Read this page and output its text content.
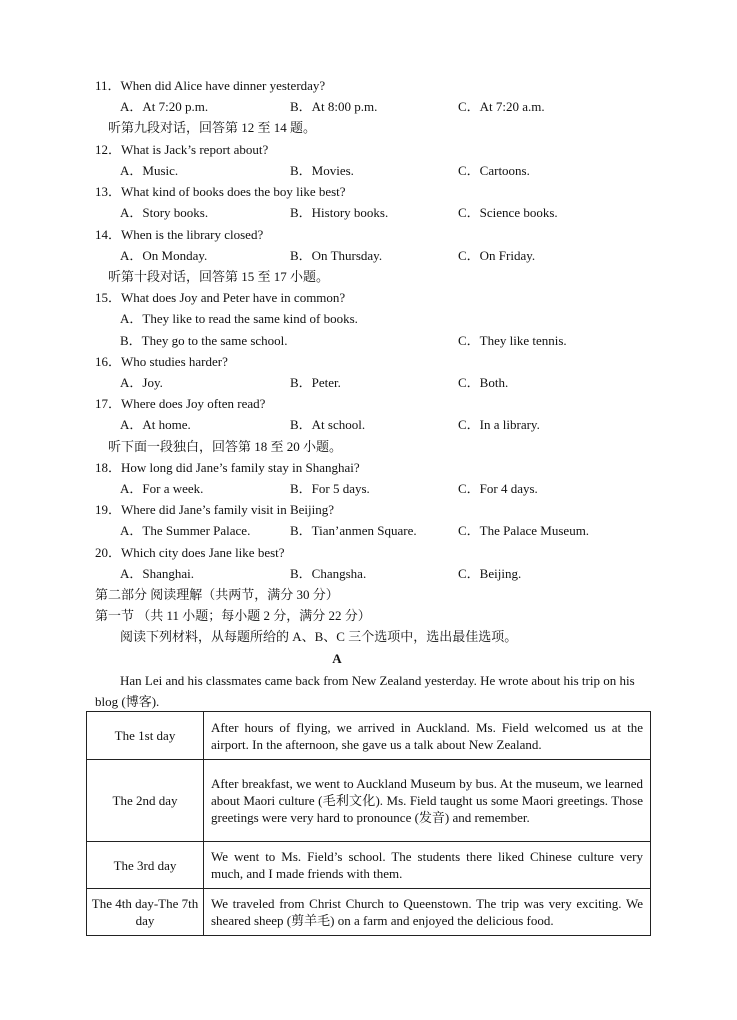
11．When did Alice have dinner yesterday?
A．At 7:20 p.m.	B．At 8:00 p.m.	C．At 7:20 a.m.
听第九段对话，回答第 12 至 14 题。
12．What is Jack’s report about?
A．Music.	B．Movies.	C．Cartoons.
13．What kind of books does the boy like best?
A．Story books.	B．History books.	C．Science books.
14．When is the library closed?
A．On Monday.	B．On Thursday.	C．On Friday.
听第十段对话，回答第 15 至 17 小题。
15．What does Joy and Peter have in common?
A．They like to read the same kind of books.
B．They go to the same school.	C．They like tennis.
16．Who studies harder?
A．Joy.	B．Peter.	C．Both.
17．Where does Joy often read?
A．At home.	B．At school.	C．In a library.
听下面一段独白，回答第 18 至 20 小题。
18．How long did Jane’s family stay in Shanghai?
A．For a week.	B．For 5 days.	C．For 4 days.
19．Where did Jane’s family visit in Beijing?
A．The Summer Palace.	B．Tian’anmen Square.	C．The Palace Museum.
20．Which city does Jane like best?
A．Shanghai.	B．Changsha.	C．Beijing.
第二部分 阅读理解（共两节，满分 30 分）
第一节 （共 11 小题；每小题 2 分，满分 22 分）
阅读下列材料，从每题所给的 A、B、C 三个选项中，选出最佳选项。
A
Han Lei and his classmates came back from New Zealand yesterday. He wrote about his trip on his blog (博客).
The 1st day	After hours of flying, we arrived in Auckland. Ms. Field welcomed us at the airport. In the afternoon, she gave us a talk about New Zealand.
The 2nd day	After breakfast, we went to Auckland Museum by bus. At the museum, we learned about Maori culture (毛利文化). Ms. Field taught us some Maori greetings. Those greetings were very hard to pronounce (发音) and remember.
The 3rd day	We went to Ms. Field’s school. The students there liked Chinese culture very much, and I made friends with them.
The 4th day-The 7th day	We traveled from Christ Church to Queenstown. The trip was very exciting. We sheared sheep (剪羊毛) on a farm and enjoyed the delicious food.
